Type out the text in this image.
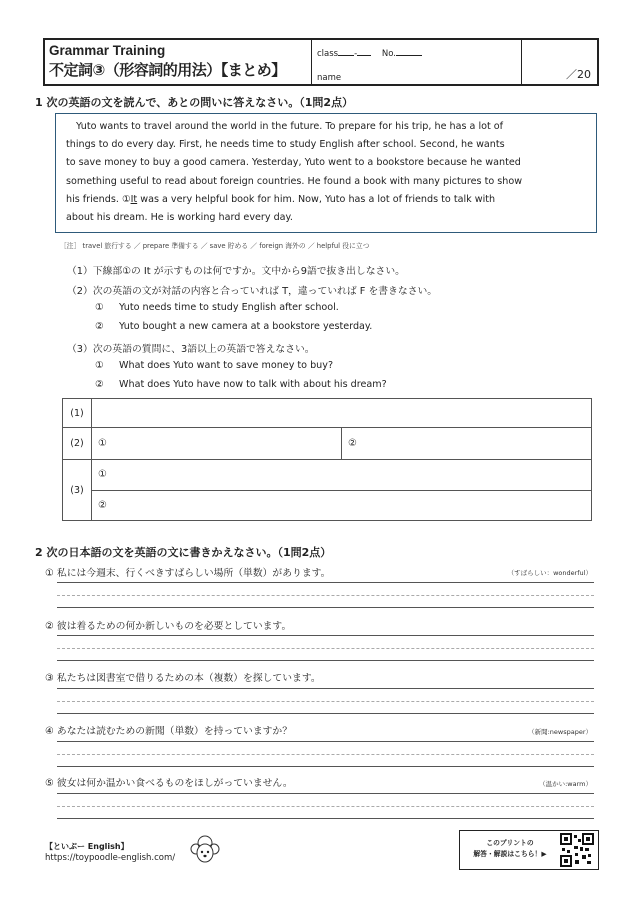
Grammar Training
不定詞③（形容詞的用法）【まとめ】
class -	No.
name	／20
1 次の英語の文を読んで、あとの問いに答えなさい。（1問2点）

Yuto wants to travel around the world in the future. To prepare for his trip, he has a lot of

things to do every day. First, he needs time to study English after school. Second, he wants

to save money to buy a good camera. Yesterday, Yuto went to a bookstore because he wanted

something useful to read about foreign countries. He found a book with many pictures to show

his friends. ①It was a very helpful book for him. Now, Yuto has a lot of friends to talk with

about his dream. He is working hard every day.

［注］ travel 旅行する ／ prepare 準備する ／ save 貯める ／ foreign 海外の ／ helpful 役に立つ
（1）下線部①の It が示すものは何ですか。文中から9語で抜き出しなさい。
（2）次の英語の文が対話の内容と合っていれば T，違っていれば F を書きなさい。
① Yuto needs time to study English after school.
② Yuto bought a new camera at a bookstore yesterday.
（3）次の英語の質問に、3語以上の英語で答えなさい。
① What does Yuto want to save money to buy?
② What does Yuto have now to talk with about his dream?
(1)
(2)	①	②
(3)
①
②
2 次の日本語の文を英語の文に書きかえなさい。（1問2点）
① 私には今週末、行くべきすばらしい場所（単数）があります。	（すばらしい：wonderful）
② 彼は着るための何か新しいものを必要としています。
③ 私たちは図書室で借りるための本（複数）を探しています。
④ あなたは読むための新聞（単数）を持っていますか？	（新聞:newspaper）
⑤ 彼女は何か温かい食べるものをほしがっていません。	（温かい:warm）
【といぷー English】
https://toypoodle-english.com/
このプリントの
解答・解説はこちら！▶
